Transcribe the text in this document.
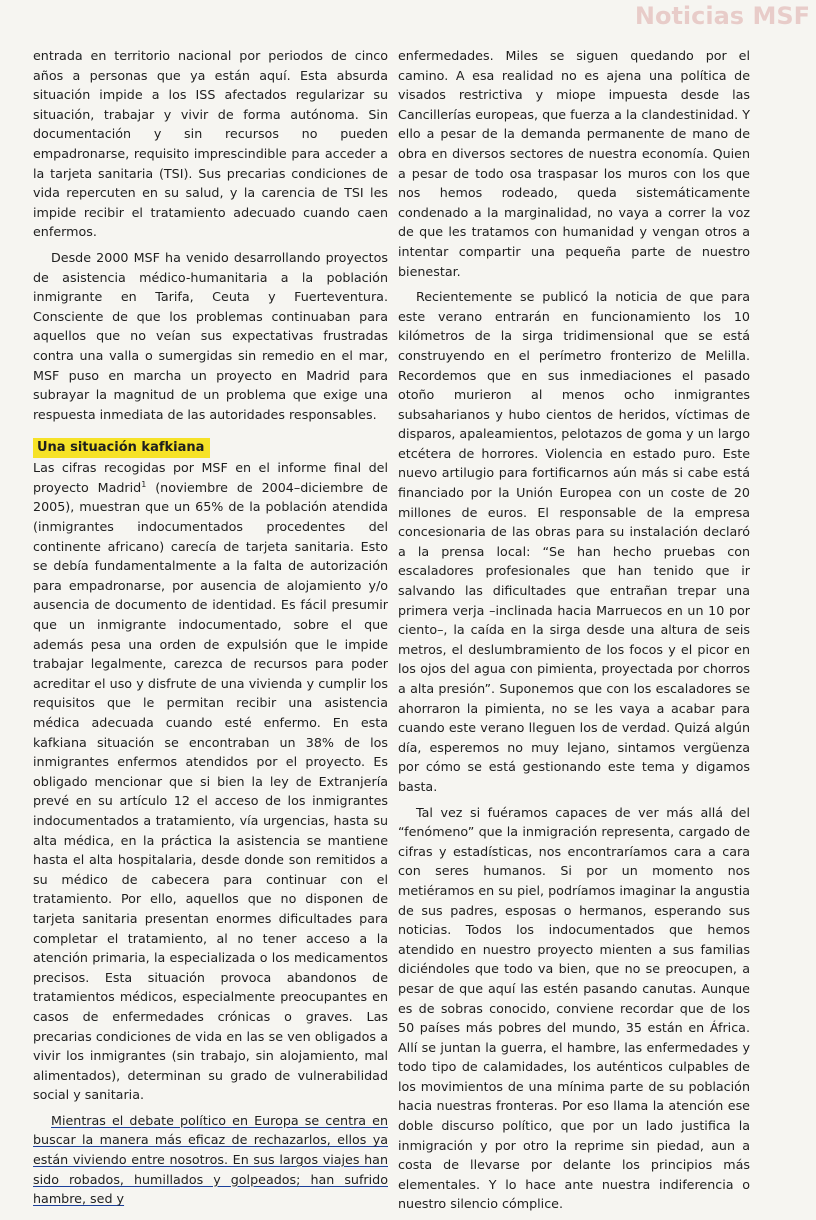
Noticias MSF

entrada en territorio nacional por periodos de cinco años a personas que ya están aquí. Esta absurda situación impide a los ISS afectados regularizar su situación, trabajar y vivir de forma autónoma. Sin documentación y sin recursos no pueden empadronarse, requisito imprescindible para acceder a la tarjeta sanitaria (TSI). Sus precarias condiciones de vida repercuten en su salud, y la carencia de TSI les impide recibir el tratamiento adecuado cuando caen enfermos.

Desde 2000 MSF ha venido desarrollando proyectos de asistencia médico-humanitaria a la población inmigrante en Tarifa, Ceuta y Fuerteventura. Consciente de que los problemas continuaban para aquellos que no veían sus expectativas frustradas contra una valla o sumergidas sin remedio en el mar, MSF puso en marcha un proyecto en Madrid para subrayar la magnitud de un problema que exige una respuesta inmediata de las autoridades responsables.

Una situación kafkiana

Las cifras recogidas por MSF en el informe final del proyecto Madrid$^1$ (noviembre de 2004–diciembre de 2005), muestran que un 65% de la población atendida (inmigrantes indocumentados procedentes del continente africano) carecía de tarjeta sanitaria. Esto se debía fundamentalmente a la falta de autorización para empadronarse, por ausencia de alojamiento y/o ausencia de documento de identidad. Es fácil presumir que un inmigrante indocumentado, sobre el que además pesa una orden de expulsión que le impide trabajar legalmente, carezca de recursos para poder acreditar el uso y disfrute de una vivienda y cumplir los requisitos que le permitan recibir una asistencia médica adecuada cuando esté enfermo. En esta kafkiana situación se encontraban un 38% de los inmigrantes enfermos atendidos por el proyecto. Es obligado mencionar que si bien la ley de Extranjería prevé en su artículo 12 el acceso de los inmigrantes indocumentados a tratamiento, vía urgencias, hasta su alta médica, en la práctica la asistencia se mantiene hasta el alta hospitalaria, desde donde son remitidos a su médico de cabecera para continuar con el tratamiento. Por ello, aquellos que no disponen de tarjeta sanitaria presentan enormes dificultades para completar el tratamiento, al no tener acceso a la atención primaria, la especializada o los medicamentos precisos. Esta situación provoca abandonos de tratamientos médicos, especialmente preocupantes en casos de enfermedades crónicas o graves. Las precarias condiciones de vida en las se ven obligados a vivir los inmigrantes (sin trabajo, sin alojamiento, mal alimentados), determinan su grado de vulnerabilidad social y sanitaria.

Mientras el debate político en Europa se centra en buscar la manera más eficaz de rechazarlos, ellos ya están viviendo entre nosotros. En sus largos viajes han sido robados, humillados y golpeados; han sufrido hambre, sed y

enfermedades. Miles se siguen quedando por el camino. A esa realidad no es ajena una política de visados restrictiva y miope impuesta desde las Cancillerías europeas, que fuerza a la clandestinidad. Y ello a pesar de la demanda permanente de mano de obra en diversos sectores de nuestra economía. Quien a pesar de todo osa traspasar los muros con los que nos hemos rodeado, queda sistemáticamente condenado a la marginalidad, no vaya a correr la voz de que les tratamos con humanidad y vengan otros a intentar compartir una pequeña parte de nuestro bienestar.

Recientemente se publicó la noticia de que para este verano entrarán en funcionamiento los 10 kilómetros de la sirga tridimensional que se está construyendo en el perímetro fronterizo de Melilla. Recordemos que en sus inmediaciones el pasado otoño murieron al menos ocho inmigrantes subsaharianos y hubo cientos de heridos, víctimas de disparos, apaleamientos, pelotazos de goma y un largo etcétera de horrores. Violencia en estado puro. Este nuevo artilugio para fortificarnos aún más si cabe está financiado por la Unión Europea con un coste de 20 millones de euros. El responsable de la empresa concesionaria de las obras para su instalación declaró a la prensa local: “Se han hecho pruebas con escaladores profesionales que han tenido que ir salvando las dificultades que entrañan trepar una primera verja –inclinada hacia Marruecos en un 10 por ciento–, la caída en la sirga desde una altura de seis metros, el deslumbramiento de los focos y el picor en los ojos del agua con pimienta, proyectada por chorros a alta presión”. Suponemos que con los escaladores se ahorraron la pimienta, no se les vaya a acabar para cuando este verano lleguen los de verdad. Quizá algún día, esperemos no muy lejano, sintamos vergüenza por cómo se está gestionando este tema y digamos basta.

Tal vez si fuéramos capaces de ver más allá del “fenómeno” que la inmigración representa, cargado de cifras y estadísticas, nos encontraríamos cara a cara con seres humanos. Si por un momento nos metiéramos en su piel, podríamos imaginar la angustia de sus padres, esposas o hermanos, esperando sus noticias. Todos los indocumentados que hemos atendido en nuestro proyecto mienten a sus familias diciéndoles que todo va bien, que no se preocupen, a pesar de que aquí las estén pasando canutas. Aunque es de sobras conocido, conviene recordar que de los 50 países más pobres del mundo, 35 están en África. Allí se juntan la guerra, el hambre, las enfermedades y todo tipo de calamidades, los auténticos culpables de los movimientos de una mínima parte de su población hacia nuestras fronteras. Por eso llama la atención ese doble discurso político, que por un lado justifica la inmigración y por otro la reprime sin piedad, aun a costa de llevarse por delante los principios más elementales. Y lo hace ante nuestra indiferencia o nuestro silencio cómplice.
